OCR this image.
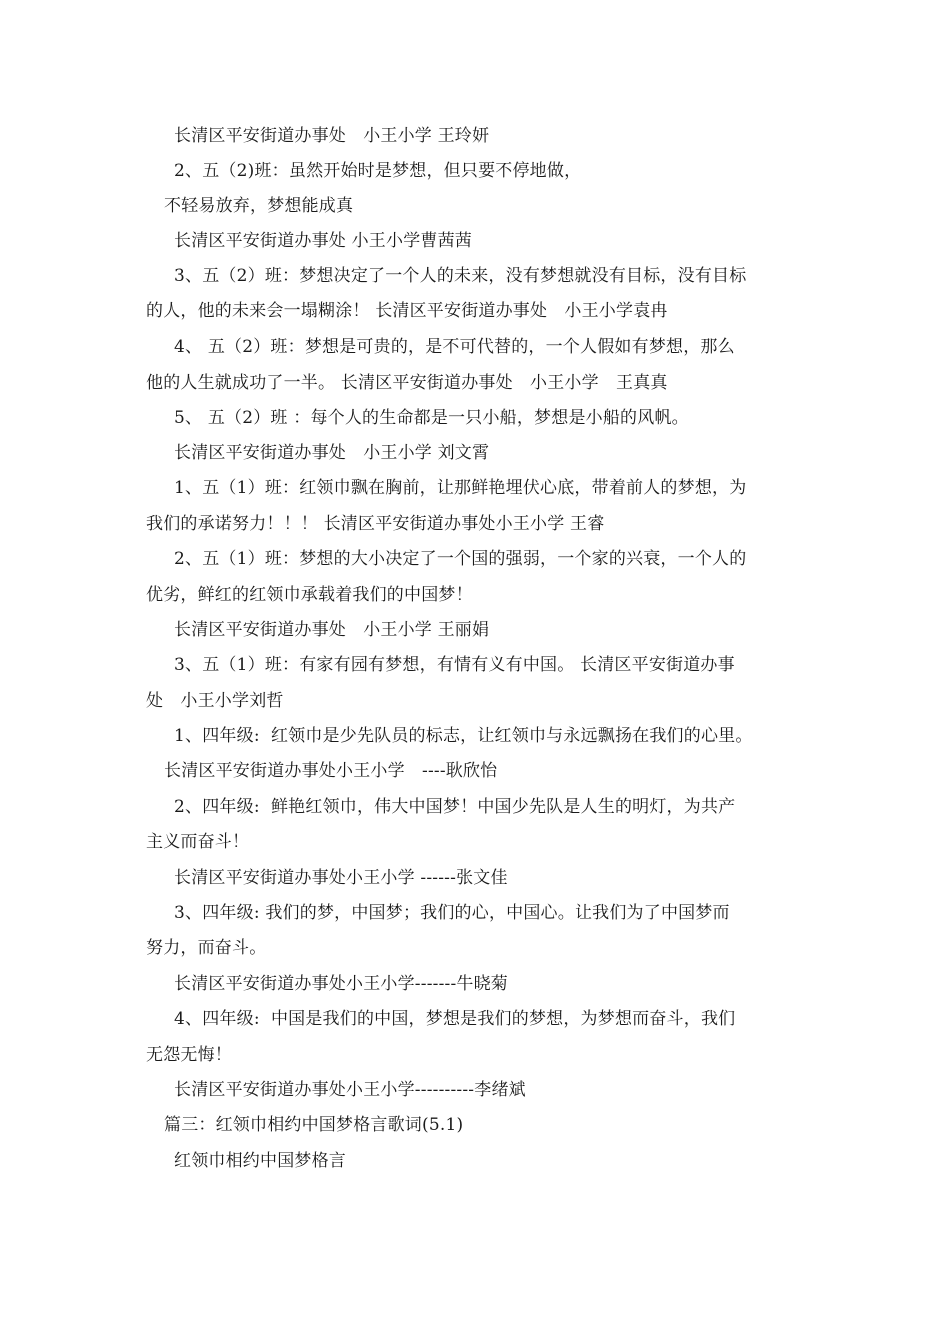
长清区平安街道办事处　小王小学 王玲妍
2、五（2)班：虽然开始时是梦想，但只要不停地做，
不轻易放弃，梦想能成真
长清区平安街道办事处 小王小学曹茜茜
3、五（2）班：梦想决定了一个人的未来，没有梦想就没有目标，没有目标
的人，他的未来会一塌糊涂！ 长清区平安街道办事处　小王小学袁冉
4、 五（2）班：梦想是可贵的，是不可代替的，一个人假如有梦想，那么
他的人生就成功了一半。 长清区平安街道办事处　小王小学　王真真
5、 五（2）班 ：每个人的生命都是一只小船，梦想是小船的风帆。
长清区平安街道办事处　小王小学 刘文霄
1、五（1）班：红领巾飘在胸前，让那鲜艳埋伏心底，带着前人的梦想，为
我们的承诺努力！！！ 长清区平安街道办事处小王小学 王睿
2、五（1）班：梦想的大小决定了一个国的强弱，一个家的兴衰，一个人的
优劣，鲜红的红领巾承载着我们的中国梦！
长清区平安街道办事处　小王小学 王丽娟
3、五（1）班：有家有园有梦想，有情有义有中国。 长清区平安街道办事
处　小王小学刘哲
1、四年级:  红领巾是少先队员的标志，让红领巾与永远飘扬在我们的心里。
长清区平安街道办事处小王小学　----耿欣怡
2、四年级:  鲜艳红领巾，伟大中国梦！中国少先队是人生的明灯，为共产
主义而奋斗！
长清区平安街道办事处小王小学 ------张文佳
3、四年级: 我们的梦，中国梦；我们的心，中国心。让我们为了中国梦而
努力，而奋斗。
长清区平安街道办事处小王小学-------牛晓菊
4、四年级:  中国是我们的中国，梦想是我们的梦想，为梦想而奋斗，我们
无怨无悔！
长清区平安街道办事处小王小学----------李绪斌
篇三：红领巾相约中国梦格言歌词(5.1)
红领巾相约中国梦格言
